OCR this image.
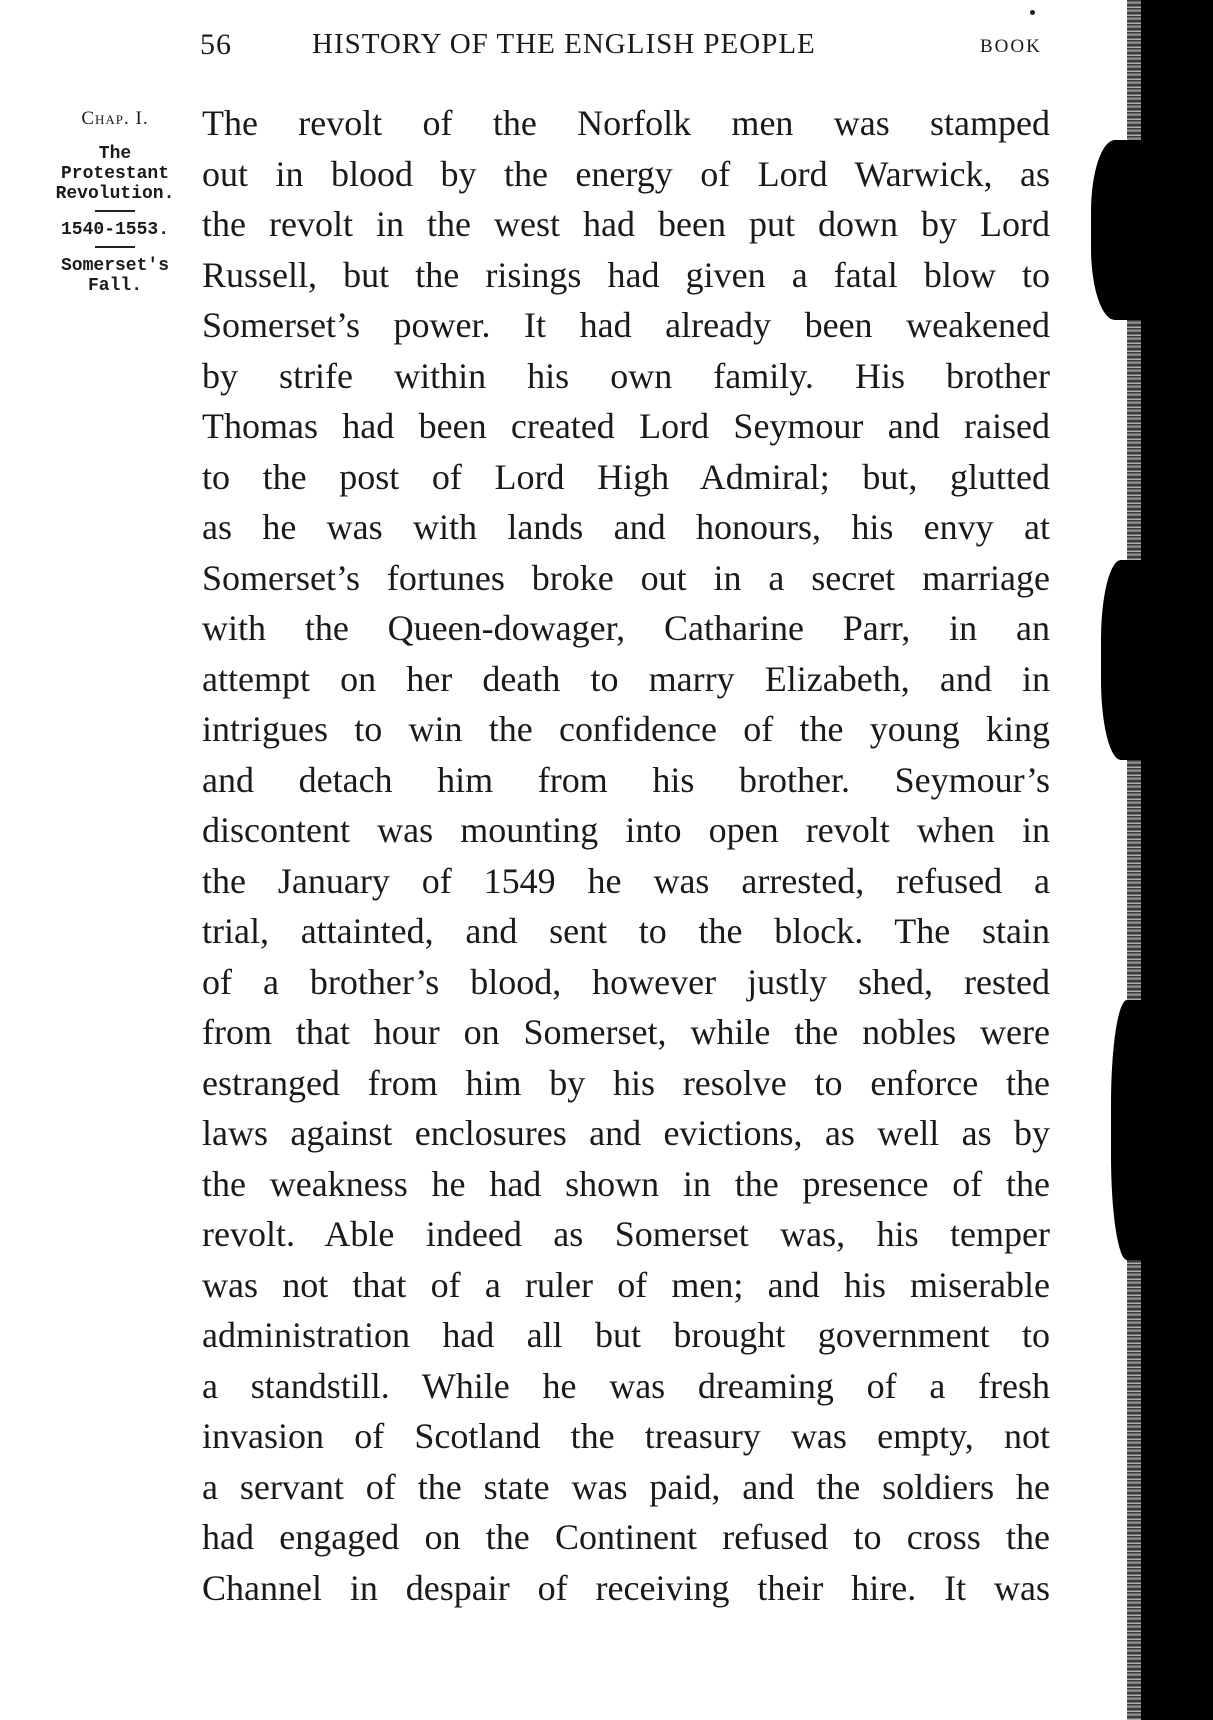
56	HISTORY OF THE ENGLISH PEOPLE	BOOK
Chap. I.
The
Protestant
Revolution.
1540-1553.
Somerset's
Fall.
The revolt of the Norfolk men was stamped
out in blood by the energy of Lord Warwick, as
the revolt in the west had been put down by Lord
Russell, but the risings had given a fatal blow to
Somerset’s power. It had already been weakened
by strife within his own family. His brother
Thomas had been created Lord Seymour and raised
to the post of Lord High Admiral; but, glutted
as he was with lands and honours, his envy at
Somerset’s fortunes broke out in a secret marriage
with the Queen-dowager, Catharine Parr, in an
attempt on her death to marry Elizabeth, and in
intrigues to win the confidence of the young king
and detach him from his brother. Seymour’s
discontent was mounting into open revolt when in
the January of 1549 he was arrested, refused a
trial, attainted, and sent to the block. The stain
of a brother’s blood, however justly shed, rested
from that hour on Somerset, while the nobles were
estranged from him by his resolve to enforce the
laws against enclosures and evictions, as well as by
the weakness he had shown in the presence of the
revolt. Able indeed as Somerset was, his temper
was not that of a ruler of men; and his miserable
administration had all but brought government to
a standstill. While he was dreaming of a fresh
invasion of Scotland the treasury was empty, not
a servant of the state was paid, and the soldiers he
had engaged on the Continent refused to cross the
Channel in despair of receiving their hire. It was
